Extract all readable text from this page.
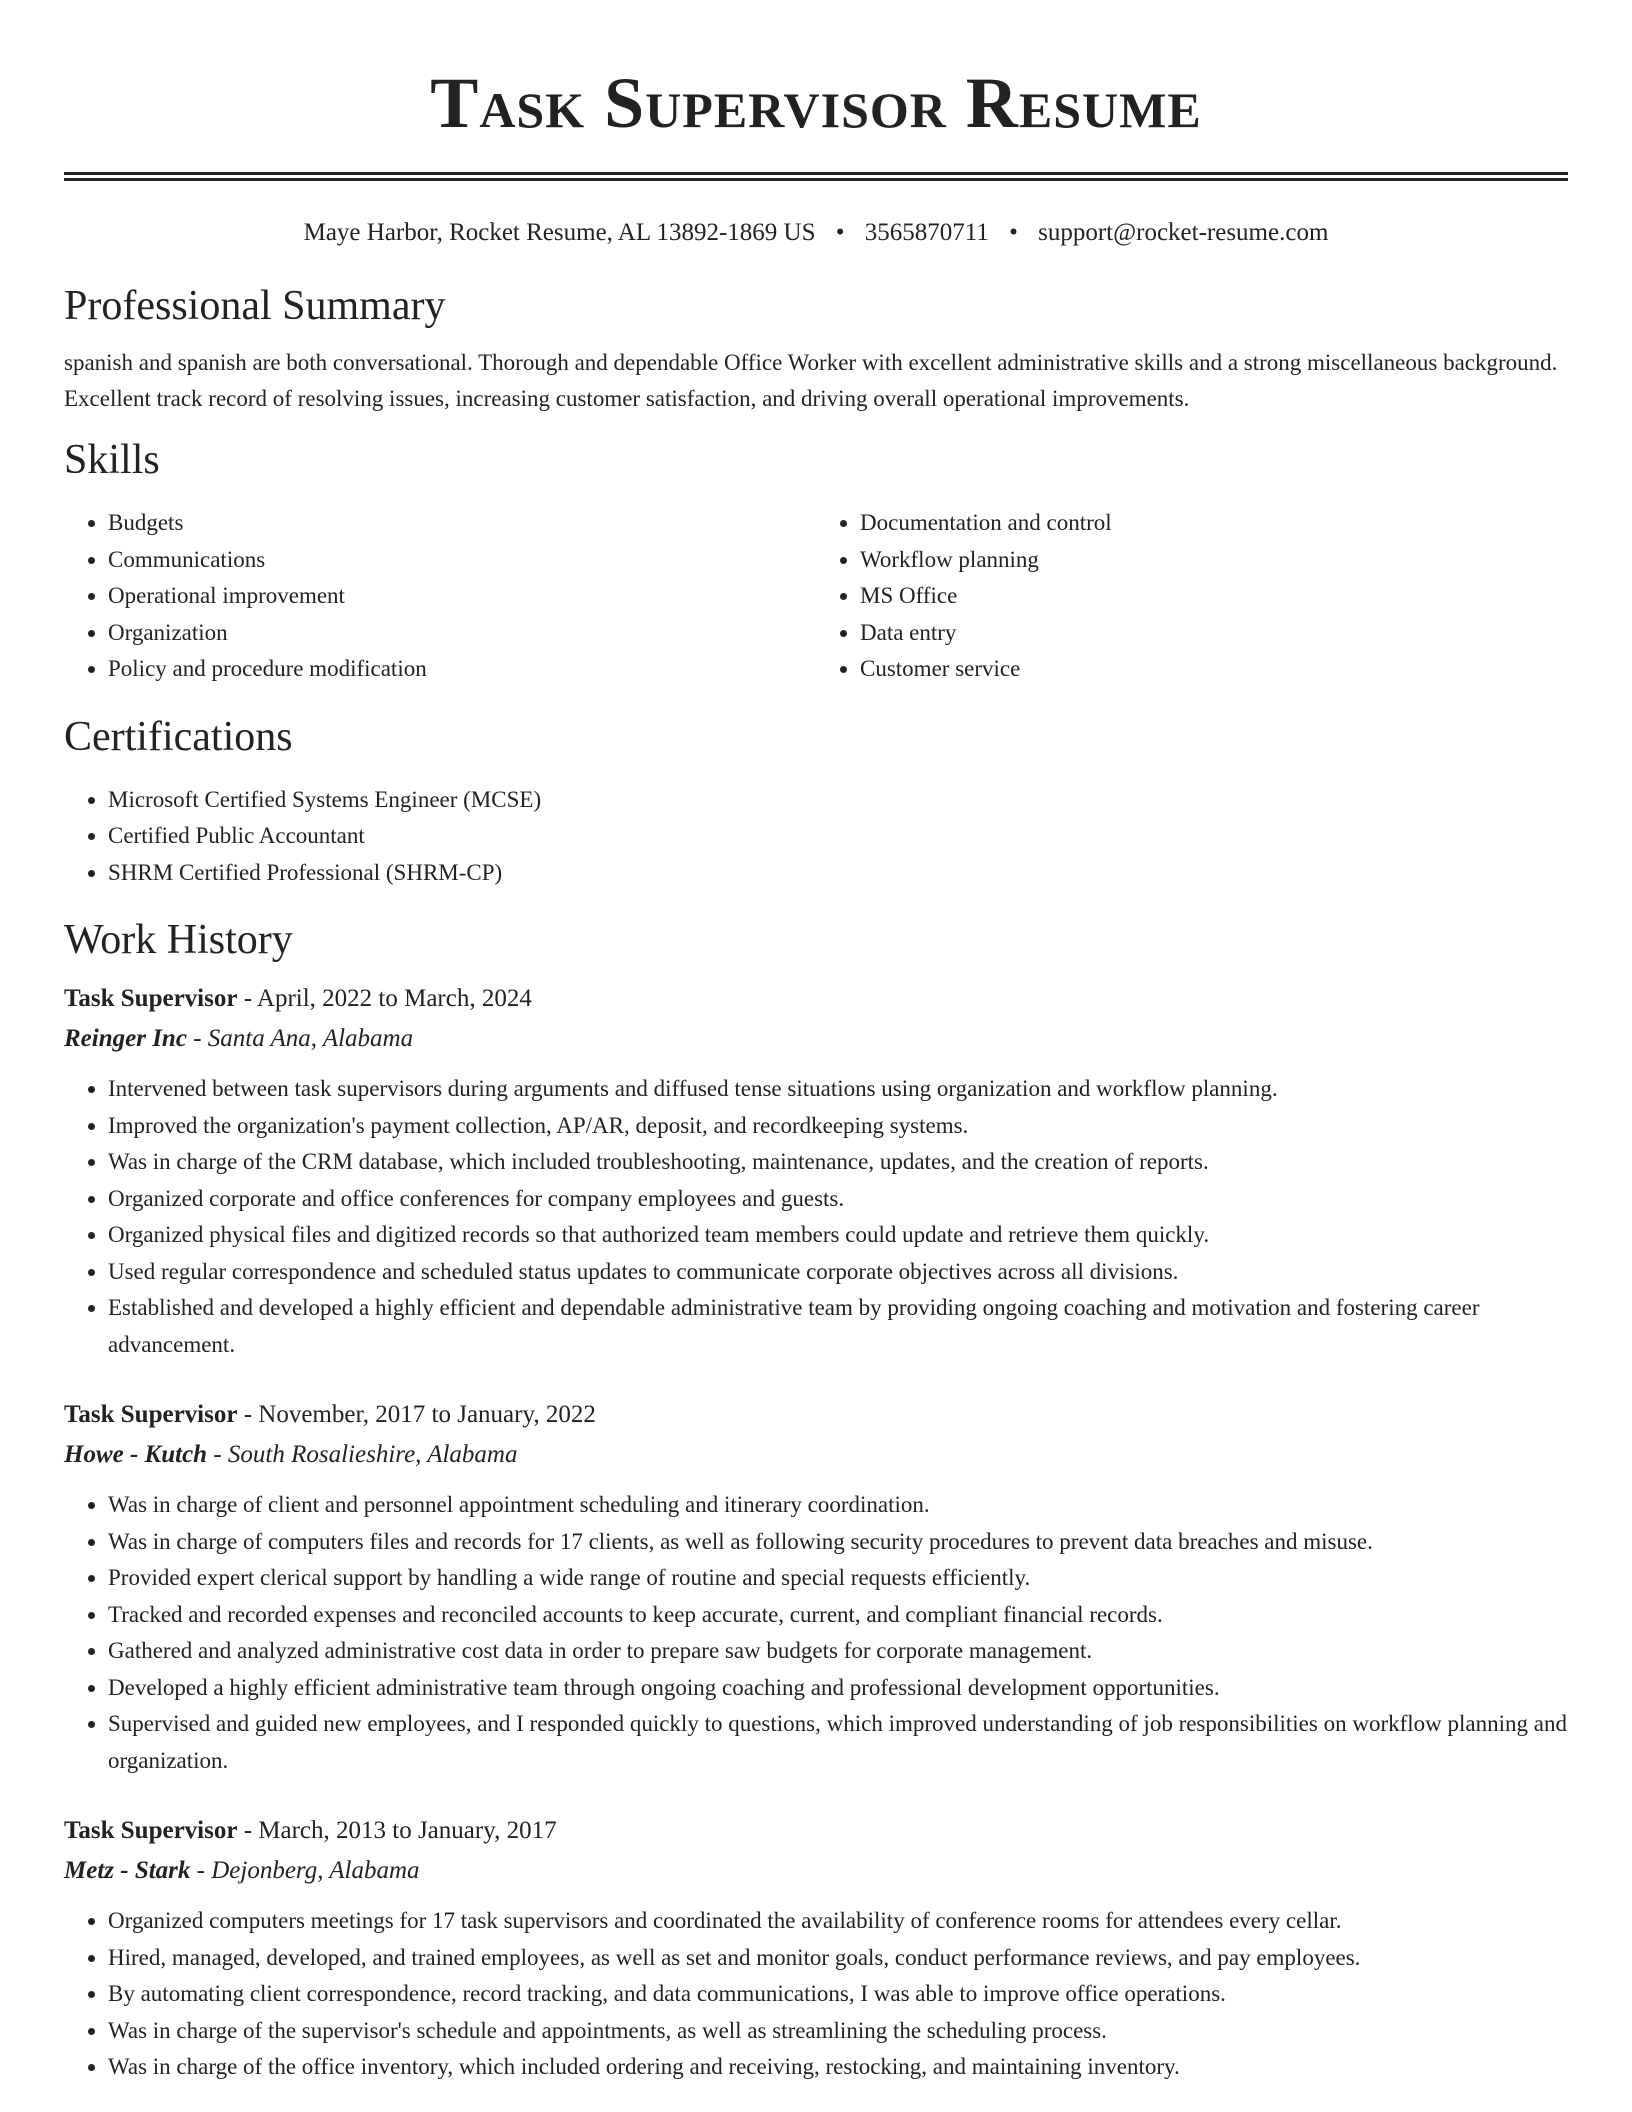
Task Supervisor Resume
Maye Harbor, Rocket Resume, AL 13892-1869 US • 3565870711 • support@rocket-resume.com
Professional Summary

spanish and spanish are both conversational. Thorough and dependable Office Worker with excellent administrative skills and a strong miscellaneous background. Excellent track record of resolving issues, increasing customer satisfaction, and driving overall operational improvements.

Skills
• Budgets
• Communications
• Operational improvement
• Organization
• Policy and procedure modification
• Documentation and control
• Workflow planning
• MS Office
• Data entry
• Customer service
Certifications
• Microsoft Certified Systems Engineer (MCSE)
• Certified Public Accountant
• SHRM Certified Professional (SHRM-CP)
Work History
Task Supervisor - April, 2022 to March, 2024
Reinger Inc - Santa Ana, Alabama
• Intervened between task supervisors during arguments and diffused tense situations using organization and workflow planning.
• Improved the organization's payment collection, AP/AR, deposit, and recordkeeping systems.
• Was in charge of the CRM database, which included troubleshooting, maintenance, updates, and the creation of reports.
• Organized corporate and office conferences for company employees and guests.
• Organized physical files and digitized records so that authorized team members could update and retrieve them quickly.
• Used regular correspondence and scheduled status updates to communicate corporate objectives across all divisions.
• Established and developed a highly efficient and dependable administrative team by providing ongoing coaching and motivation and fostering career advancement.
Task Supervisor - November, 2017 to January, 2022
Howe - Kutch - South Rosalieshire, Alabama
• Was in charge of client and personnel appointment scheduling and itinerary coordination.
• Was in charge of computers files and records for 17 clients, as well as following security procedures to prevent data breaches and misuse.
• Provided expert clerical support by handling a wide range of routine and special requests efficiently.
• Tracked and recorded expenses and reconciled accounts to keep accurate, current, and compliant financial records.
• Gathered and analyzed administrative cost data in order to prepare saw budgets for corporate management.
• Developed a highly efficient administrative team through ongoing coaching and professional development opportunities.
• Supervised and guided new employees, and I responded quickly to questions, which improved understanding of job responsibilities on workflow planning and organization.
Task Supervisor - March, 2013 to January, 2017
Metz - Stark - Dejonberg, Alabama
• Organized computers meetings for 17 task supervisors and coordinated the availability of conference rooms for attendees every cellar.
• Hired, managed, developed, and trained employees, as well as set and monitor goals, conduct performance reviews, and pay employees.
• By automating client correspondence, record tracking, and data communications, I was able to improve office operations.
• Was in charge of the supervisor's schedule and appointments, as well as streamlining the scheduling process.
• Was in charge of the office inventory, which included ordering and receiving, restocking, and maintaining inventory.
